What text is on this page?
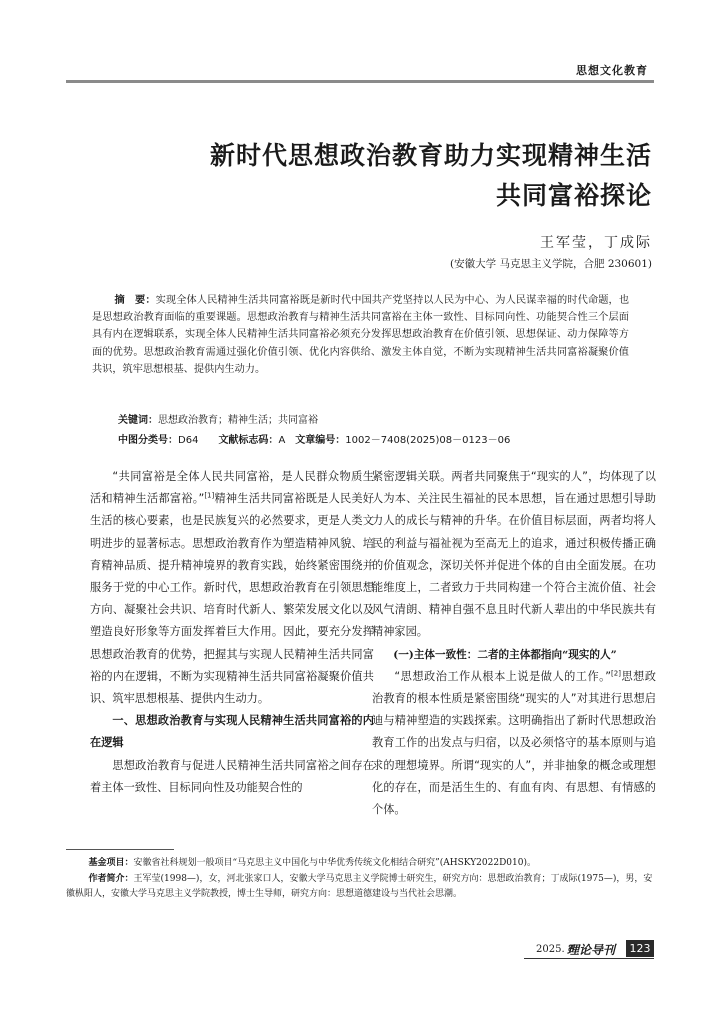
思想文化教育
新时代思想政治教育助力实现精神生活
共同富裕探论
王军莹，丁成际
(安徽大学 马克思主义学院，合肥 230601)

摘　要：实现全体人民精神生活共同富裕既是新时代中国共产党坚持以人民为中心、为人民谋幸福的时代命题，也是思想政治教育面临的重要课题。思想政治教育与精神生活共同富裕在主体一致性、目标同向性、功能契合性三个层面具有内在逻辑联系，实现全体人民精神生活共同富裕必须充分发挥思想政治教育在价值引领、思想保证、动力保障等方面的优势。思想政治教育需通过强化价值引领、优化内容供给、激发主体自觉，不断为实现精神生活共同富裕凝聚价值共识，筑牢思想根基、提供内生动力。

关键词：思想政治教育；精神生活；共同富裕
中图分类号：D64   文献标志码：A  文章编号：1002－7408(2025)08－0123－06

“共同富裕是全体人民共同富裕，是人民群众物质生活和精神生活都富裕。”[1]精神生活共同富裕既是人民美好生活的核心要素，也是民族复兴的必然要求，更是人类文明进步的显著标志。思想政治教育作为塑造精神风貌、培育精神品质、提升精神境界的教育实践，始终紧密围绕并服务于党的中心工作。新时代，思想政治教育在引领思想方向、凝聚社会共识、培育时代新人、繁荣发展文化以及塑造良好形象等方面发挥着巨大作用。因此，要充分发挥思想政治教育的优势，把握其与实现人民精神生活共同富裕的内在逻辑，不断为实现精神生活共同富裕凝聚价值共识、筑牢思想根基、提供内生动力。

一、思想政治教育与实现人民精神生活共同富裕的内在逻辑

思想政治教育与促进人民精神生活共同富裕之间存在着主体一致性、目标同向性及功能契合性的

紧密逻辑关联。两者共同聚焦于“现实的人”，均体现了以人为本、关注民生福祉的民本思想，旨在通过思想引导助力人的成长与精神的升华。在价值目标层面，两者均将人民的利益与福祉视为至高无上的追求，通过积极传播正确的价值观念，深切关怀并促进个体的自由全面发展。在功能维度上，二者致力于共同构建一个符合主流价值、社会风气清朗、精神自强不息且时代新人辈出的中华民族共有精神家园。

(一)主体一致性：二者的主体都指向“现实的人”

“思想政治工作从根本上说是做人的工作。”[2]思想政治教育的根本性质是紧密围绕“现实的人”对其进行思想启迪与精神塑造的实践探索。这明确指出了新时代思想政治教育工作的出发点与归宿，以及必须恪守的基本原则与追求的理想境界。所谓“现实的人”，并非抽象的概念或理想化的存在，而是活生生的、有血有肉、有思想、有情感的个体。

基金项目：安徽省社科规划一般项目“马克思主义中国化与中华优秀传统文化相结合研究”(AHSKY2022D010)。

作者简介：王军莹(1998—)，女，河北张家口人，安徽大学马克思主义学院博士研究生，研究方向：思想政治教育；丁成际(1975—)，男，安徽枞阳人，安徽大学马克思主义学院教授，博士生导师，研究方向：思想道德建设与当代社会思潮。

2025. 8
理论导刊	123
